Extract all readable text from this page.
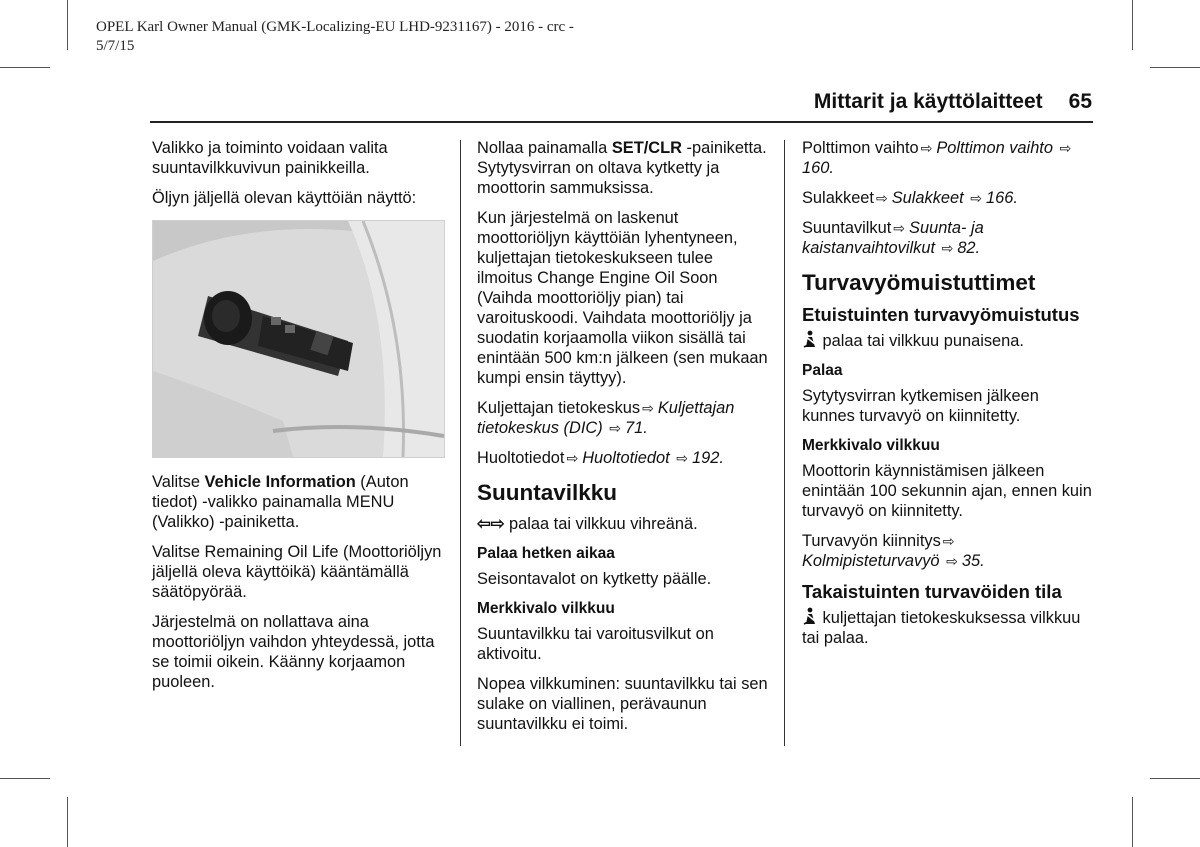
OPEL Karl Owner Manual (GMK-Localizing-EU LHD-9231167) - 2016 - crc -
5/7/15
Mittarit ja käyttölaitteet 65

Valikko ja toiminto voidaan valita suuntavilkkuvivun painikkeilla.

Öljyn jäljellä olevan käyttöiän näyttö:

Valitse Vehicle Information (Auton tiedot) -valikko painamalla MENU (Valikko) -painiketta.

Valitse Remaining Oil Life (Moottoriöljyn jäljellä oleva käyttöikä) kääntämällä säätöpyörää.

Järjestelmä on nollattava aina moottoriöljyn vaihdon yhteydessä, jotta se toimii oikein. Käänny korjaamon puoleen.

Nollaa painamalla SET/CLR -painiketta. Sytytysvirran on oltava kytketty ja moottorin sammuksissa.

Kun järjestelmä on laskenut moottoriöljyn käyttöiän lyhentyneen, kuljettajan tietokeskukseen tulee ilmoitus Change Engine Oil Soon (Vaihda moottoriöljy pian) tai varoituskoodi. Vaihdata moottoriöljy ja suodatin korjaamolla viikon sisällä tai enintään 500 km:n jälkeen (sen mukaan kumpi ensin täyttyy).

Kuljettajan tietokeskus ⇨ Kuljettajan tietokeskus (DIC) ⇨ 71.

Huoltotiedot ⇨ Huoltotiedot ⇨ 192.

Suuntavilkku

⇦⇨ palaa tai vilkkuu vihreänä.

Palaa hetken aikaa

Seisontavalot on kytketty päälle.

Merkkivalo vilkkuu

Suuntavilkku tai varoitusvilkut on aktivoitu.

Nopea vilkkuminen: suuntavilkku tai sen sulake on viallinen, perävaunun suuntavilkku ei toimi.

Polttimon vaihto ⇨ Polttimon vaihto ⇨160.

Sulakkeet ⇨ Sulakkeet ⇨ 166.

Suuntavilkut ⇨ Suunta- ja kaistanvaihtovilkut ⇨ 82.

Turvavyömuistuttimet
Etuistuinten turvavyömuistutus

palaa tai vilkkuu punaisena.

Palaa

Sytytysvirran kytkemisen jälkeen kunnes turvavyö on kiinnitetty.

Merkkivalo vilkkuu

Moottorin käynnistämisen jälkeen enintään 100 sekunnin ajan, ennen kuin turvavyö on kiinnitetty.

Turvavyön kiinnitys ⇨Kolmipisteturvavyö ⇨ 35.

Takaistuinten turvavöiden tila

kuljettajan tietokeskuksessa vilkkuu tai palaa.
